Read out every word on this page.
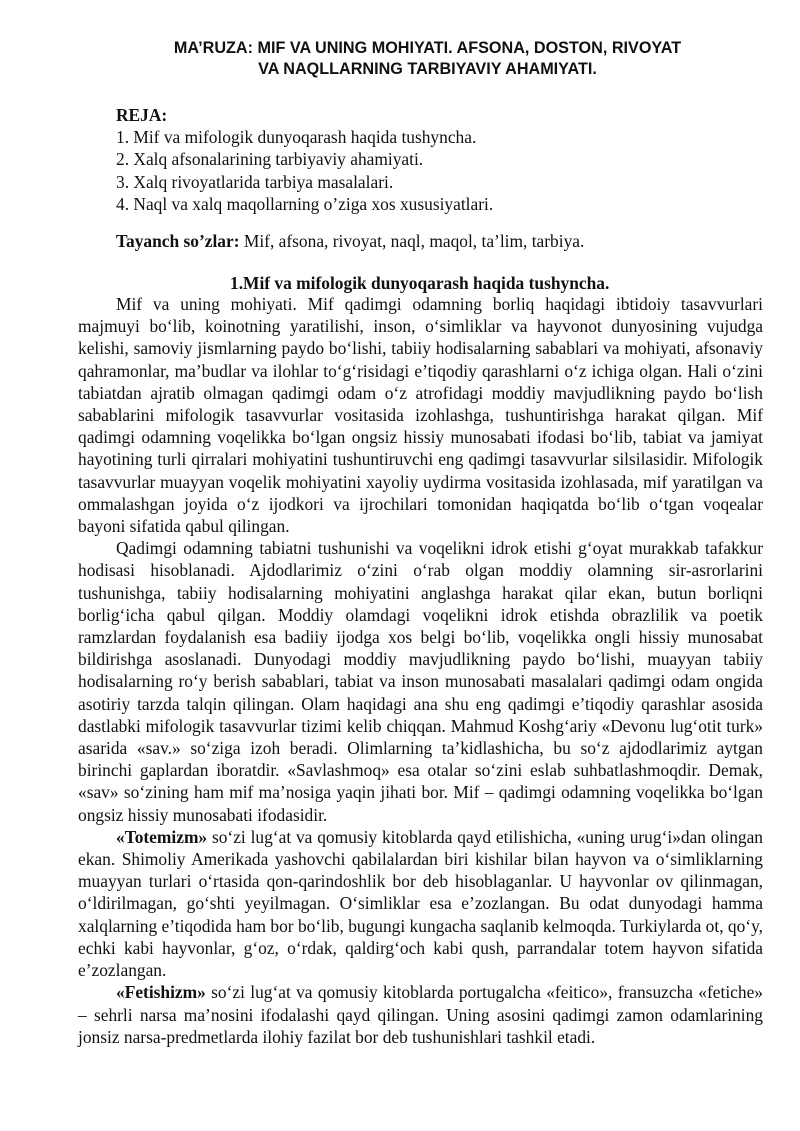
MA’RUZA: MIF VA UNING MOHIYATI. AFSONA, DOSTON, RIVOYAT
VA NAQLLARNING TARBIYAVIY AHAMIYATI.
REJA:
1. Mif va mifologik dunyoqarash haqida tushyncha.
2. Xalq afsonalarining tarbiyaviy ahamiyati.
3. Xalq rivoyatlarida tarbiya masalalari.
4. Naql va xalq maqollarning o’ziga xos xususiyatlari.
Tayanch so’zlar: Mif, afsona, rivoyat, naql, maqol, ta’lim, tarbiya.
1.Mif va mifologik dunyoqarash haqida tushyncha.

Mif va uning mohiyati. Mif qadimgi odamning borliq haqidagi ibtidoiy tasavvurlari majmuyi bo‘lib, koinotning yaratilishi, inson, o‘simliklar va hayvonot dunyosining vujudga kelishi, samoviy jismlarning paydo bo‘lishi, tabiiy hodisalarning sabablari va mohiyati, afsonaviy qahramonlar, ma’budlar va ilohlar to‘g‘risidagi e’tiqodiy qarashlarni o‘z ichiga olgan. Hali o‘zini tabiatdan ajratib olmagan qadimgi odam o‘z atrofidagi moddiy mavjudlikning paydo bo‘lish sabablarini mifologik tasavvurlar vositasida izohlashga, tushuntirishga harakat qilgan. Mif qadimgi odamning voqelikka bo‘lgan ongsiz hissiy munosabati ifodasi bo‘lib, tabiat va jamiyat hayotining turli qirralari mohiyatini tushuntiruvchi eng qadimgi tasavvurlar silsilasidir. Mifologik tasavvurlar muayyan voqelik mohiyatini xayoliy uydirma vositasida izohlasada, mif yaratilgan va ommalashgan joyida o‘z ijodkori va ijrochilari tomonidan haqiqatda bo‘lib o‘tgan voqealar bayoni sifatida qabul qilingan.

Qadimgi odamning tabiatni tushunishi va voqelikni idrok etishi g‘oyat murakkab tafakkur hodisasi hisoblanadi. Ajdodlarimiz o‘zini o‘rab olgan moddiy olamning sir-asrorlarini tushunishga, tabiiy hodisalarning mohiyatini anglashga harakat qilar ekan, butun borliqni borlig‘icha qabul qilgan. Moddiy olamdagi voqelikni idrok etishda obrazlilik va poetik ramzlardan foydalanish esa badiiy ijodga xos belgi bo‘lib, voqelikka ongli hissiy munosabat bildirishga asoslanadi. Dunyodagi moddiy mavjudlikning paydo bo‘lishi, muayyan tabiiy hodisalarning ro‘y berish sabablari, tabiat va inson munosabati masalalari qadimgi odam ongida asotiriy tarzda talqin qilingan. Olam haqidagi ana shu eng qadimgi e’tiqodiy qarashlar asosida dastlabki mifologik tasavvurlar tizimi kelib chiqqan. Mahmud Koshg‘ariy «Devonu lug‘otit turk» asarida «sav.» so‘ziga izoh beradi. Olimlarning ta’kidlashicha, bu so‘z ajdodlarimiz aytgan birinchi gaplardan iboratdir. «Savlashmoq» esa otalar so‘zini eslab suhbatlashmoqdir. Demak, «sav» so‘zining ham mif ma’nosiga yaqin jihati bor. Mif – qadimgi odamning voqelikka bo‘lgan ongsiz hissiy munosabati ifodasidir.

«Totemizm» so‘zi lug‘at va qomusiy kitoblarda qayd etilishicha, «uning urug‘i»dan olingan ekan. Shimoliy Amerikada yashovchi qabilalardan biri kishilar bilan hayvon va o‘simliklarning muayyan turlari o‘rtasida qon-qarindoshlik bor deb hisoblaganlar. U hayvonlar ov qilinmagan, o‘ldirilmagan, go‘shti yeyilmagan. O‘simliklar esa e’zozlangan. Bu odat dunyodagi hamma xalqlarning e’tiqodida ham bor bo‘lib, bugungi kungacha saqlanib kelmoqda. Turkiylarda ot, qo‘y, echki kabi hayvonlar, g‘oz, o‘rdak, qaldirg‘och kabi qush, parrandalar totem hayvon sifatida e’zozlangan.

«Fetishizm» so‘zi lug‘at va qomusiy kitoblarda portugalcha «feitico», fransuzcha «fetiche» – sehrli narsa ma’nosini ifodalashi qayd qilingan. Uning asosini qadimgi zamon odamlarining jonsiz narsa-predmetlarda ilohiy fazilat bor deb tushunishlari tashkil etadi.
